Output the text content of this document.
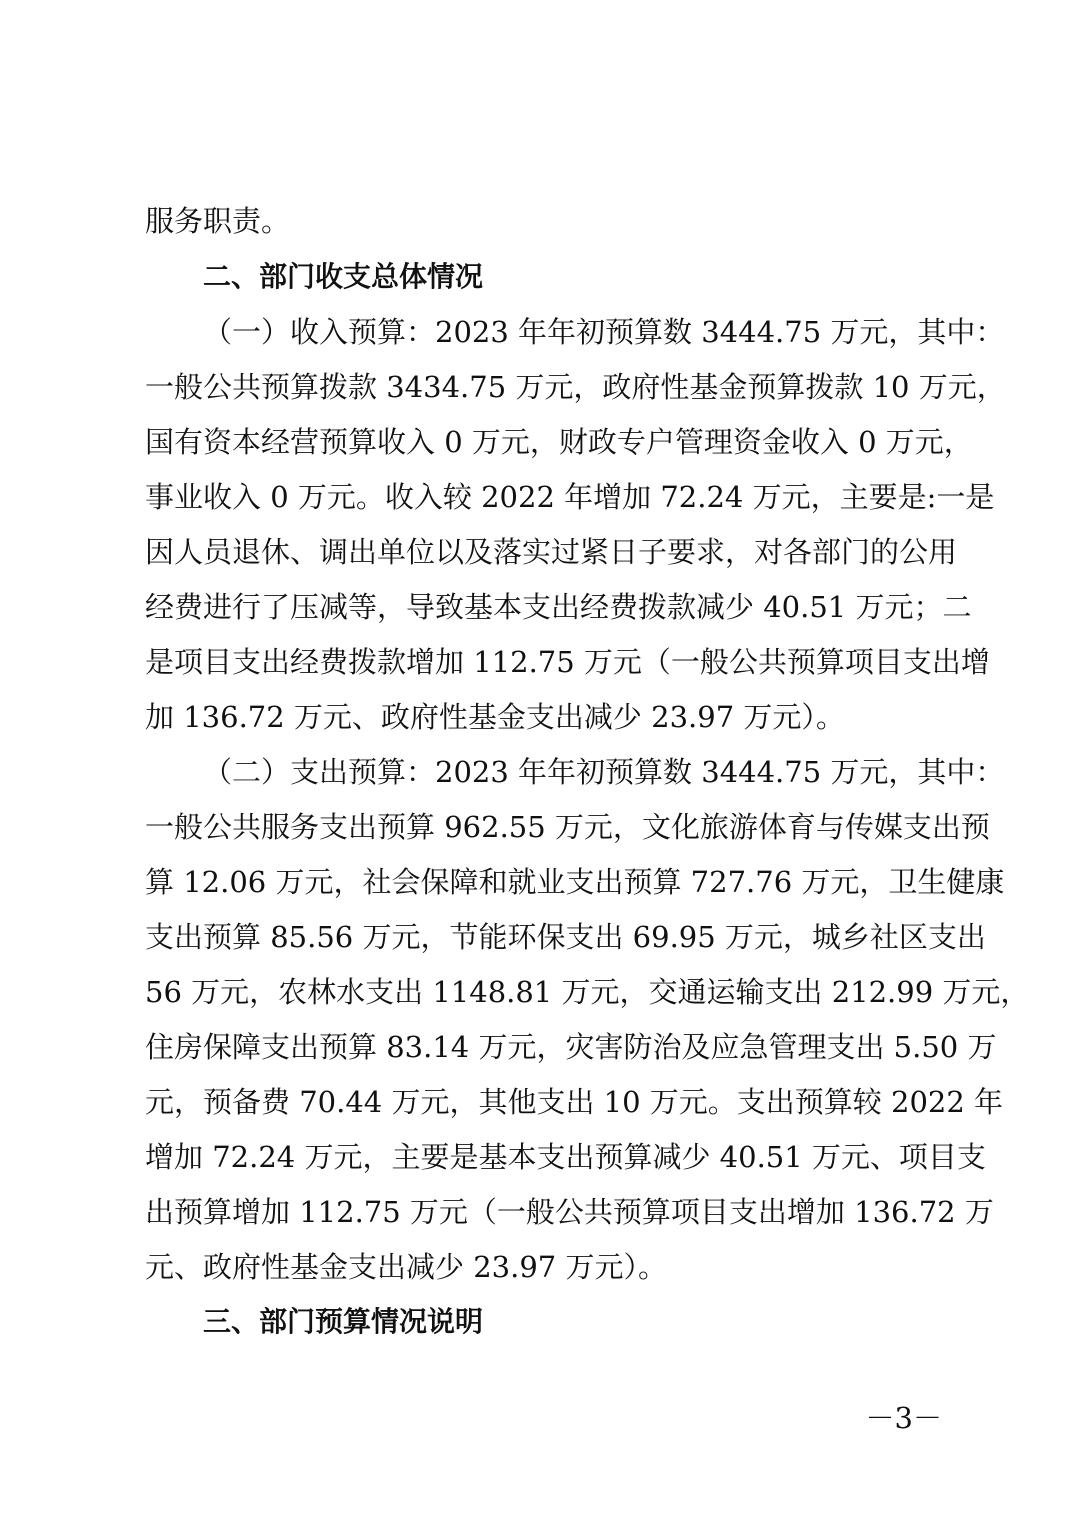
服务职责。
二、部门收支总体情况
（一）收入预算：2023 年年初预算数 3444.75 万元，其中：
一般公共预算拨款 3434.75 万元，政府性基金预算拨款 10 万元，
国有资本经营预算收入 0 万元，财政专户管理资金收入 0 万元，
事业收入 0 万元。收入较 2022 年增加 72.24 万元，主要是:一是
因人员退休、调出单位以及落实过紧日子要求，对各部门的公用
经费进行了压减等，导致基本支出经费拨款减少 40.51 万元；二
是项目支出经费拨款增加 112.75 万元（一般公共预算项目支出增
加 136.72 万元、政府性基金支出减少 23.97 万元）。
（二）支出预算：2023 年年初预算数 3444.75 万元，其中：
一般公共服务支出预算 962.55 万元，文化旅游体育与传媒支出预
算 12.06 万元，社会保障和就业支出预算 727.76 万元，卫生健康
支出预算 85.56 万元，节能环保支出 69.95 万元，城乡社区支出
56 万元，农林水支出 1148.81 万元，交通运输支出 212.99 万元，
住房保障支出预算 83.14 万元，灾害防治及应急管理支出 5.50 万
元，预备费 70.44 万元，其他支出 10 万元。支出预算较 2022 年
增加 72.24 万元，主要是基本支出预算减少 40.51 万元、项目支
出预算增加 112.75 万元（一般公共预算项目支出增加 136.72 万
元、政府性基金支出减少 23.97 万元）。
三、部门预算情况说明
－3－
